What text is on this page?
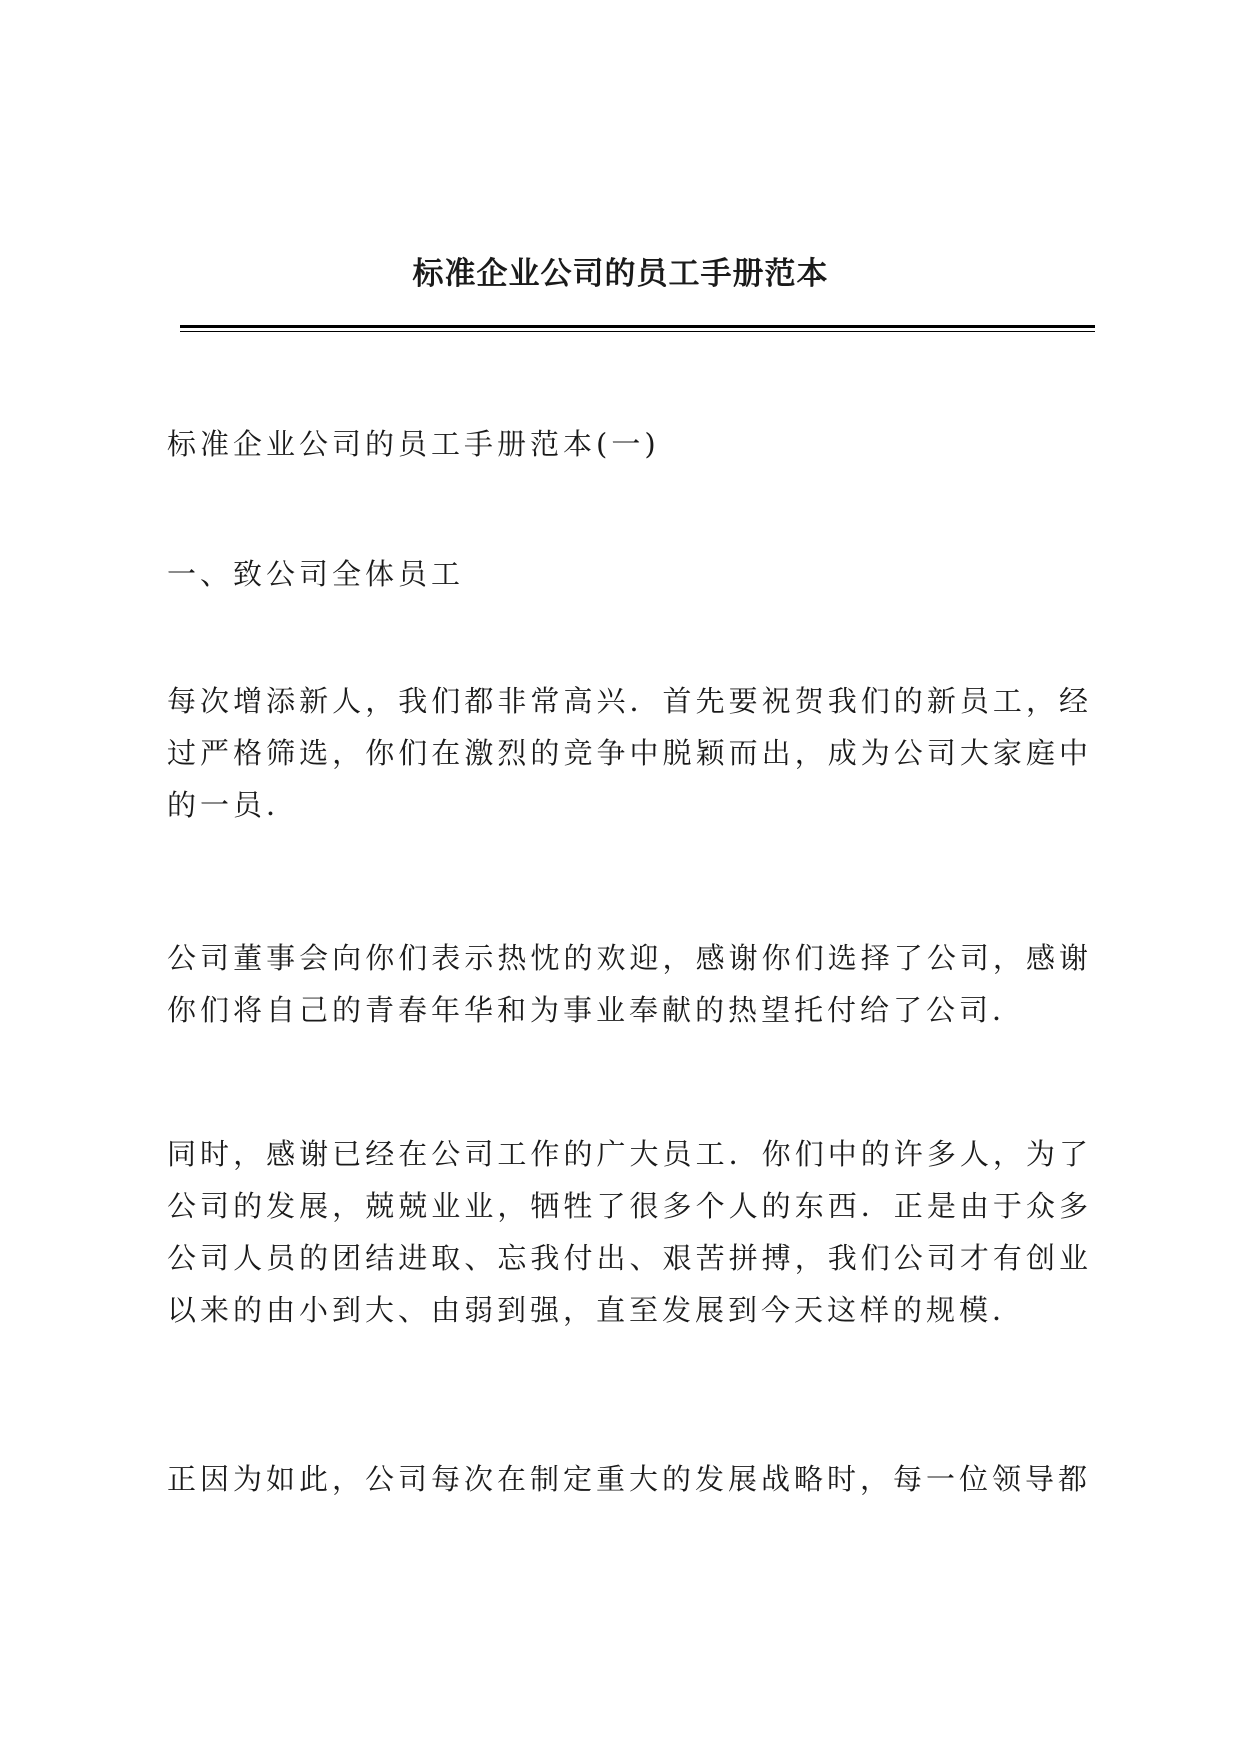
标准企业公司的员工手册范本

标准企业公司的员工手册范本(一)

一、致公司全体员工

每次增添新人，我们都非常高兴．首先要祝贺我们的新员工，经过严格筛选，你们在激烈的竞争中脱颖而出，成为公司大家庭中的一员．

公司董事会向你们表示热忱的欢迎，感谢你们选择了公司，感谢你们将自己的青春年华和为事业奉献的热望托付给了公司．

同时，感谢已经在公司工作的广大员工．你们中的许多人，为了公司的发展，兢兢业业，牺牲了很多个人的东西．正是由于众多公司人员的团结进取、忘我付出、艰苦拼搏，我们公司才有创业以来的由小到大、由弱到强，直至发展到今天这样的规模．

正因为如此，公司每次在制定重大的发展战略时，每一位领导都
